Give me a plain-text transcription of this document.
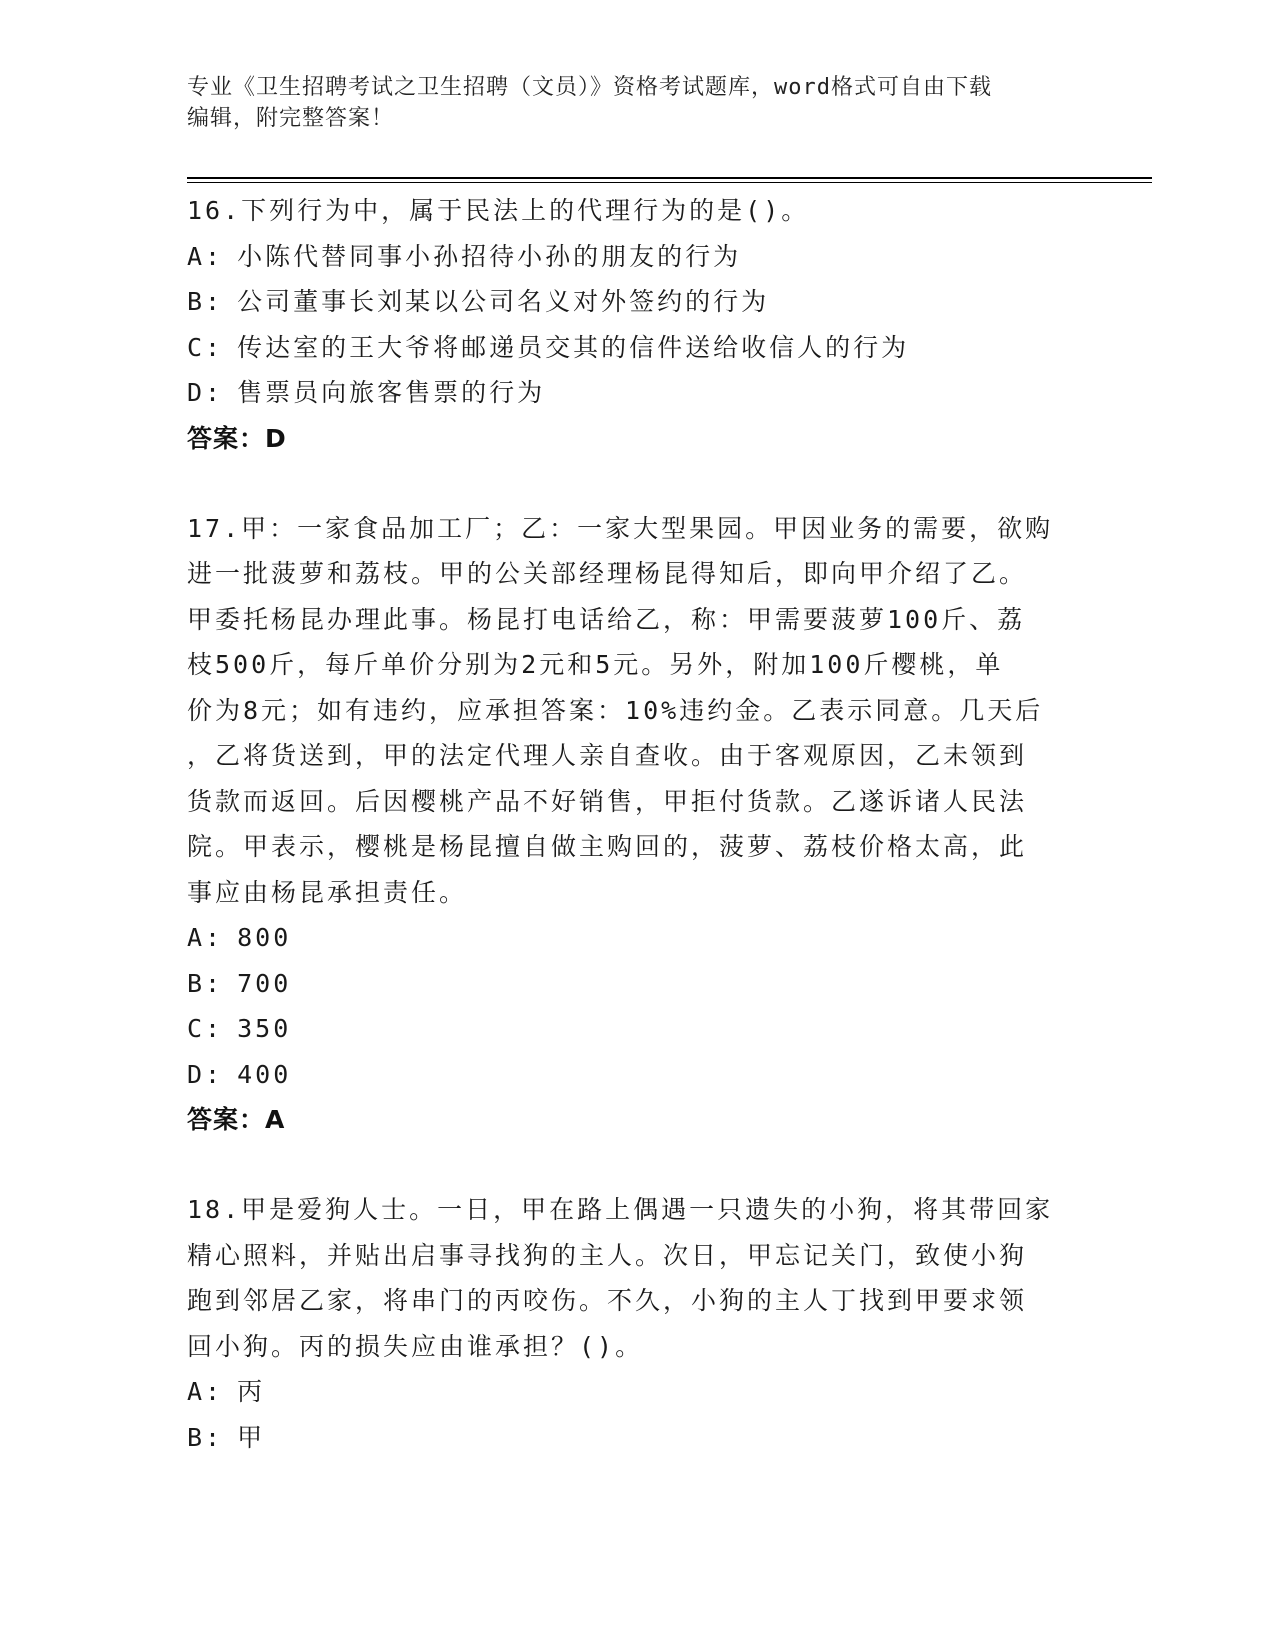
专业《卫生招聘考试之卫生招聘（文员）》资格考试题库，word格式可自由下载
编辑，附完整答案！

16.下列行为中，属于民法上的代理行为的是()。

A: 小陈代替同事小孙招待小孙的朋友的行为

B: 公司董事长刘某以公司名义对外签约的行为

C: 传达室的王大爷将邮递员交其的信件送给收信人的行为

D: 售票员向旅客售票的行为

答案：D

17.甲：一家食品加工厂；乙：一家大型果园。甲因业务的需要，欲购

进一批菠萝和荔枝。甲的公关部经理杨昆得知后，即向甲介绍了乙。

甲委托杨昆办理此事。杨昆打电话给乙，称：甲需要菠萝100斤、荔

枝500斤，每斤单价分别为2元和5元。另外，附加100斤樱桃，单

价为8元；如有违约，应承担答案：10%违约金。乙表示同意。几天后

，乙将货送到，甲的法定代理人亲自查收。由于客观原因，乙未领到

货款而返回。后因樱桃产品不好销售，甲拒付货款。乙遂诉诸人民法

院。甲表示，樱桃是杨昆擅自做主购回的，菠萝、荔枝价格太高，此

事应由杨昆承担责任。

A: 800

B: 700

C: 350

D: 400

答案：A

18.甲是爱狗人士。一日，甲在路上偶遇一只遗失的小狗，将其带回家

精心照料，并贴出启事寻找狗的主人。次日，甲忘记关门，致使小狗

跑到邻居乙家，将串门的丙咬伤。不久，小狗的主人丁找到甲要求领

回小狗。丙的损失应由谁承担？()。

A: 丙

B: 甲
